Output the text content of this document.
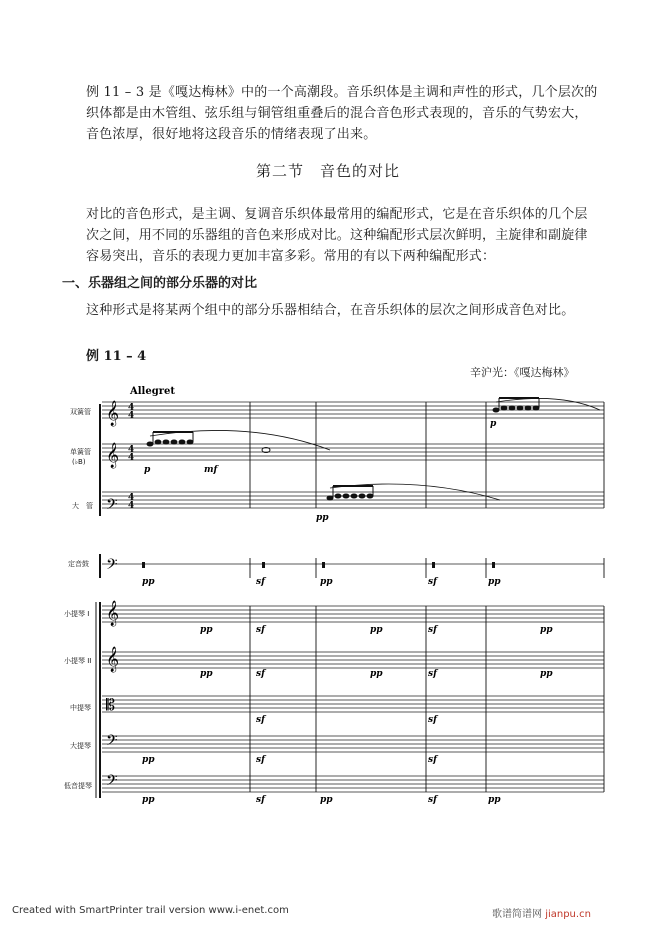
例 11 – 3 是《嘎达梅林》中的一个高潮段。音乐织体是主调和声性的形式，几个层次的织体都是由木管组、弦乐组与铜管组重叠后的混合音色形式表现的，音乐的气势宏大，音色浓厚，很好地将这段音乐的情绪表现了出来。

第二节　音色的对比

对比的音色形式，是主调、复调音乐织体最常用的编配形式，它是在音乐织体的几个层次之间，用不同的乐器组的音色来形成对比。这种编配形式层次鲜明，主旋律和副旋律容易突出，音乐的表现力更加丰富多彩。常用的有以下两种编配形式：

一、乐器组之间的部分乐器的对比

这种形式是将某两个组中的部分乐器相结合，在音乐织体的层次之间形成音色对比。

例 11 – 4

辛沪光：《嘎达梅林》

Allegret
双簧管
单簧管
(♭B)
大　管
定音鼓
小提琴 I
小提琴 II
中提琴
大提琴
低音提琴
𝄞
𝄞
𝄢
𝄢
𝄞
𝄞
𝄡
𝄢
𝄢
4
4
4
4
4
4
p	mf
p
pp
pp	sf	pp	sf	pp
pp	sf	pp	sf	pp
pp	sf	pp	sf	pp
sf	sf
pp	sf	sf
pp	sf	pp	sf	pp
Created with SmartPrinter trail version www.i-enet.com	歌谱简谱网 jianpu.cn
